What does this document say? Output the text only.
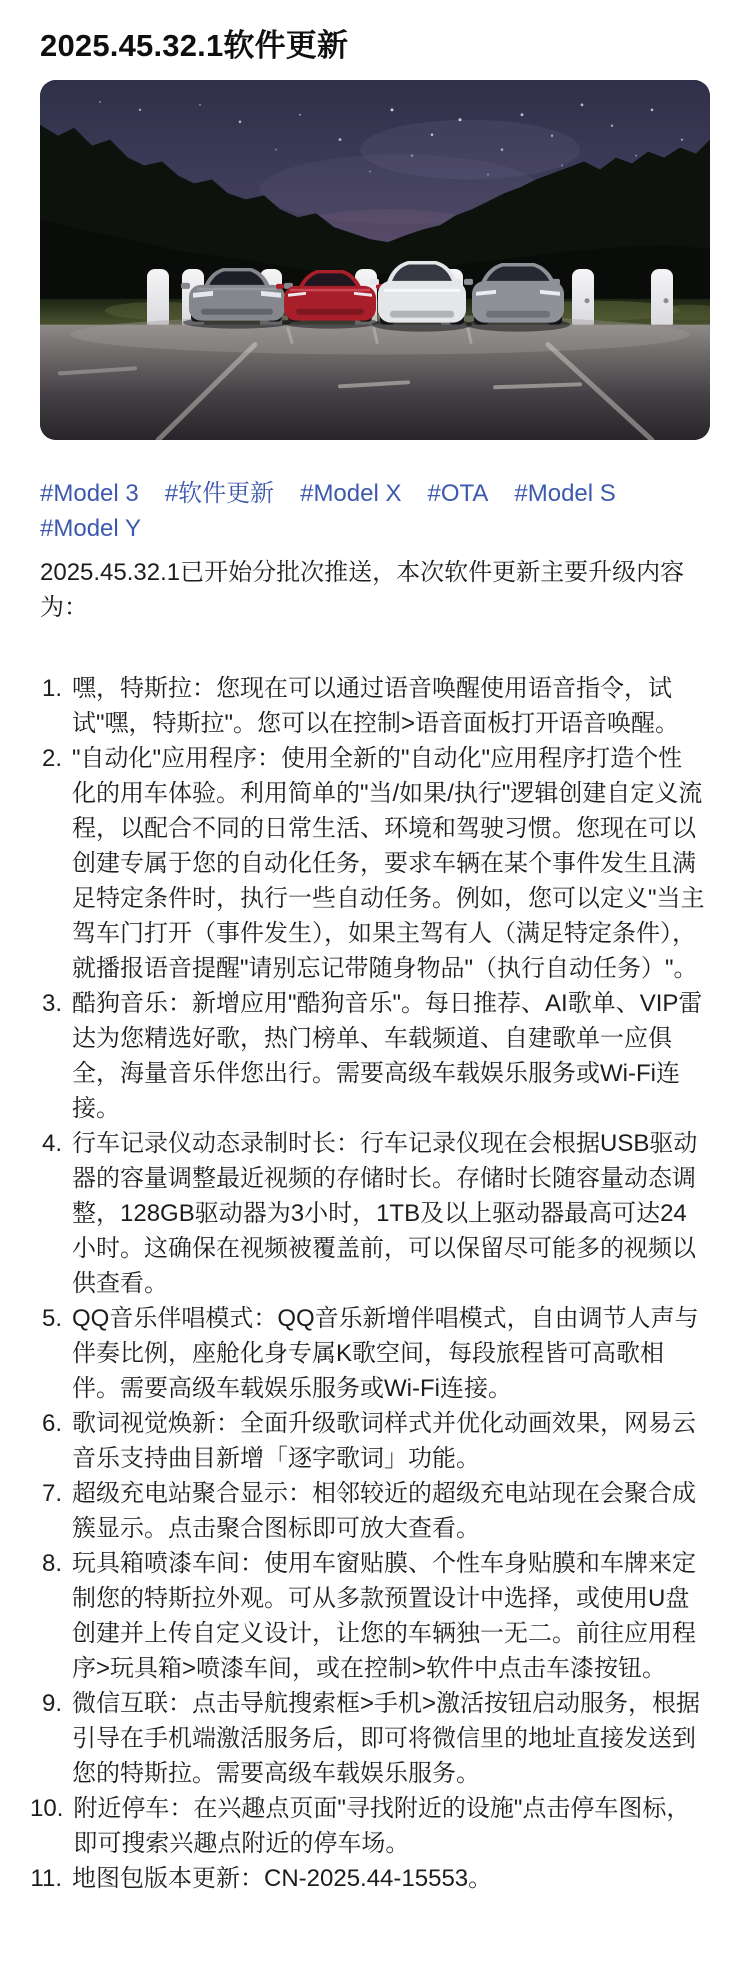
2025.45.32.1软件更新
#Model 3 #软件更新 #Model X #OTA #Model S
#Model Y

2025.45.32.1已开始分批次推送，本次软件更新主要升级内容为：

1. 嘿，特斯拉：您现在可以通过语音唤醒使用语音指令，试试"嘿，特斯拉"。您可以在控制>语音面板打开语音唤醒。
2. "自动化"应用程序：使用全新的"自动化"应用程序打造个性化的用车体验。利用简单的"当/如果/执行"逻辑创建自定义流程，以配合不同的日常生活、环境和驾驶习惯。您现在可以创建专属于您的自动化任务，要求车辆在某个事件发生且满足特定条件时，执行一些自动任务。例如，您可以定义"当主驾车门打开（事件发生），如果主驾有人（满足特定条件），就播报语音提醒"请别忘记带随身物品"（执行自动任务）"。
3. 酷狗音乐：新增应用"酷狗音乐"。每日推荐、AI歌单、VIP雷达为您精选好歌，热门榜单、车载频道、自建歌单一应俱全，海量音乐伴您出行。需要高级车载娱乐服务或Wi-Fi连接。
4. 行车记录仪动态录制时长：行车记录仪现在会根据USB驱动器的容量调整最近视频的存储时长。存储时长随容量动态调整，128GB驱动器为3小时，1TB及以上驱动器最高可达24小时。这确保在视频被覆盖前，可以保留尽可能多的视频以供查看。
5. QQ音乐伴唱模式：QQ音乐新增伴唱模式，自由调节人声与伴奏比例，座舱化身专属K歌空间，每段旅程皆可高歌相伴。需要高级车载娱乐服务或Wi-Fi连接。
6. 歌词视觉焕新：全面升级歌词样式并优化动画效果，网易云音乐支持曲目新增「逐字歌词」功能。
7. 超级充电站聚合显示：相邻较近的超级充电站现在会聚合成簇显示。点击聚合图标即可放大查看。
8. 玩具箱喷漆车间：使用车窗贴膜、个性车身贴膜和车牌来定制您的特斯拉外观。可从多款预置设计中选择，或使用U盘创建并上传自定义设计，让您的车辆独一无二。前往应用程序>玩具箱>喷漆车间，或在控制>软件中点击车漆按钮。
9. 微信互联：点击导航搜索框>手机>激活按钮启动服务，根据引导在手机端激活服务后，即可将微信里的地址直接发送到您的特斯拉。需要高级车载娱乐服务。
10. 附近停车：在兴趣点页面"寻找附近的设施"点击停车图标，即可搜索兴趣点附近的停车场。
11. 地图包版本更新：CN-2025.44-15553。
